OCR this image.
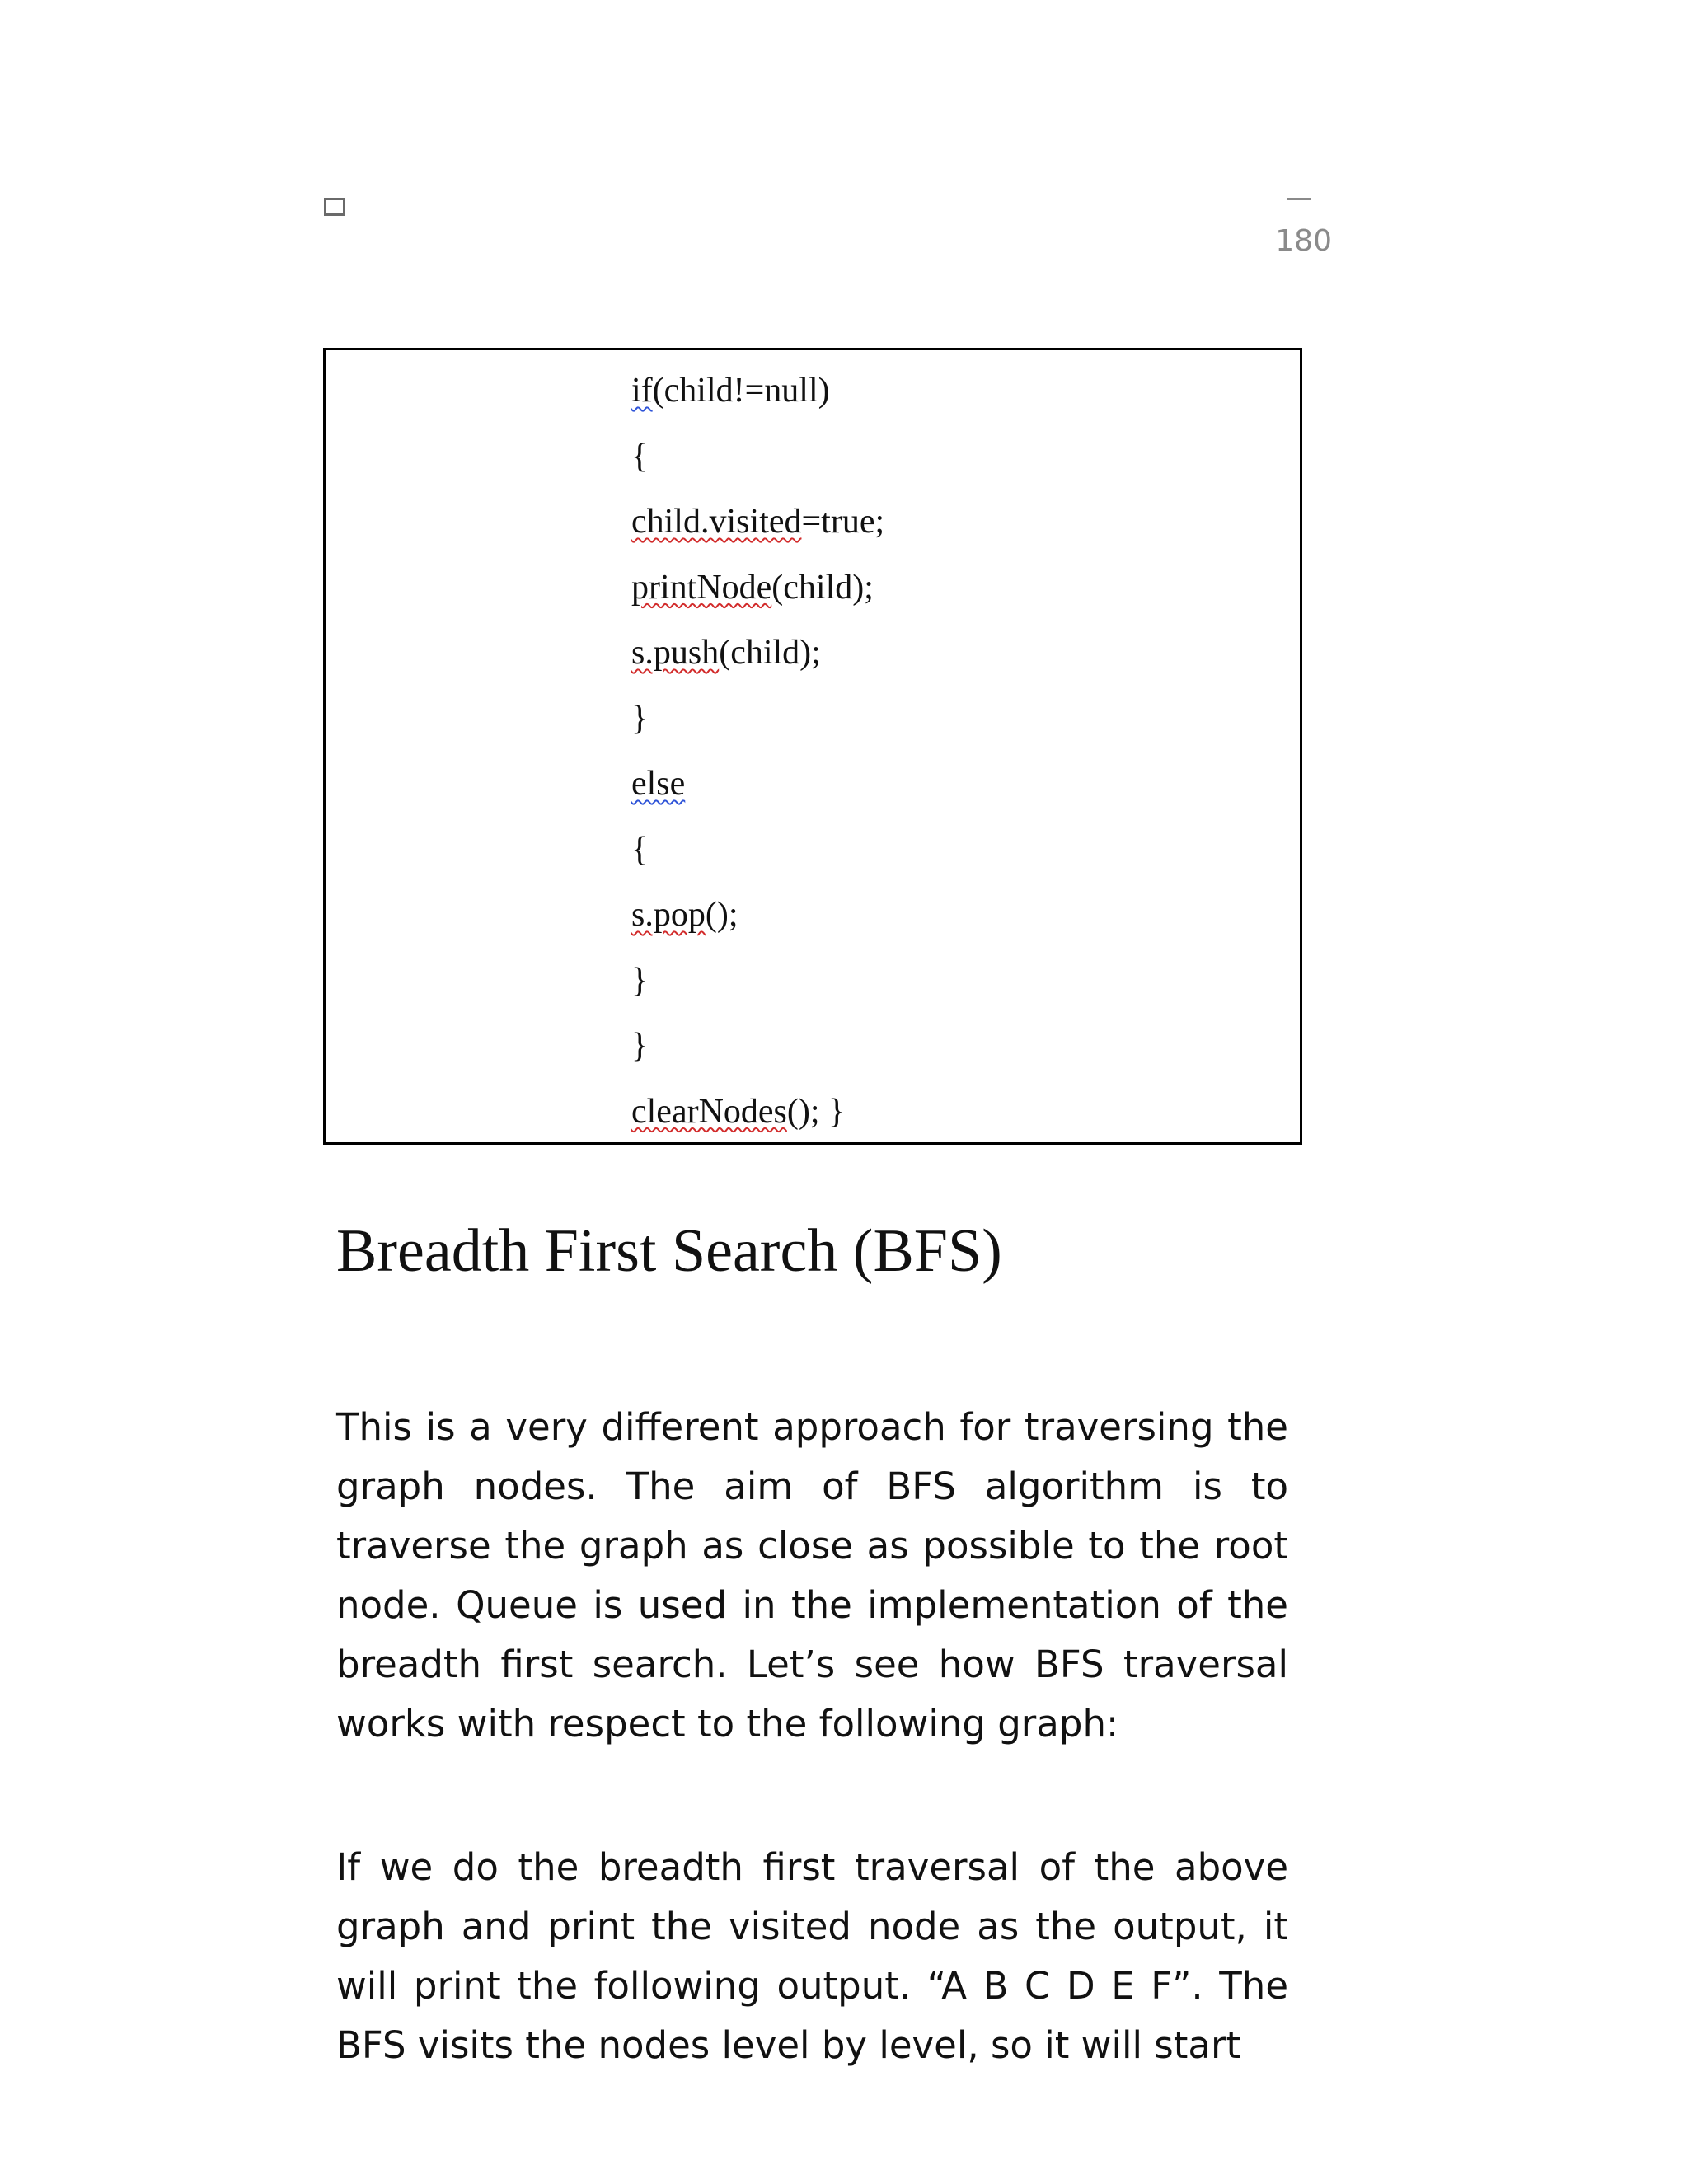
180
if(child!=null)
{
child.visited=true;
printNode(child);
s.push(child);
}
else
{
s.pop();
}
}
clearNodes(); }
Breadth First Search (BFS)

This is a very different approach for traversing the graph nodes. The aim of BFS algorithm is to traverse the graph as close as possible to the root node. Queue is used in the implementation of the breadth first search. Let’s see how BFS traversal works with respect to the following graph:

If we do the breadth first traversal of the above graph and print the visited node as the output, it will print the following output. “A B C D E F”. The BFS visits the nodes level by level, so it will start
